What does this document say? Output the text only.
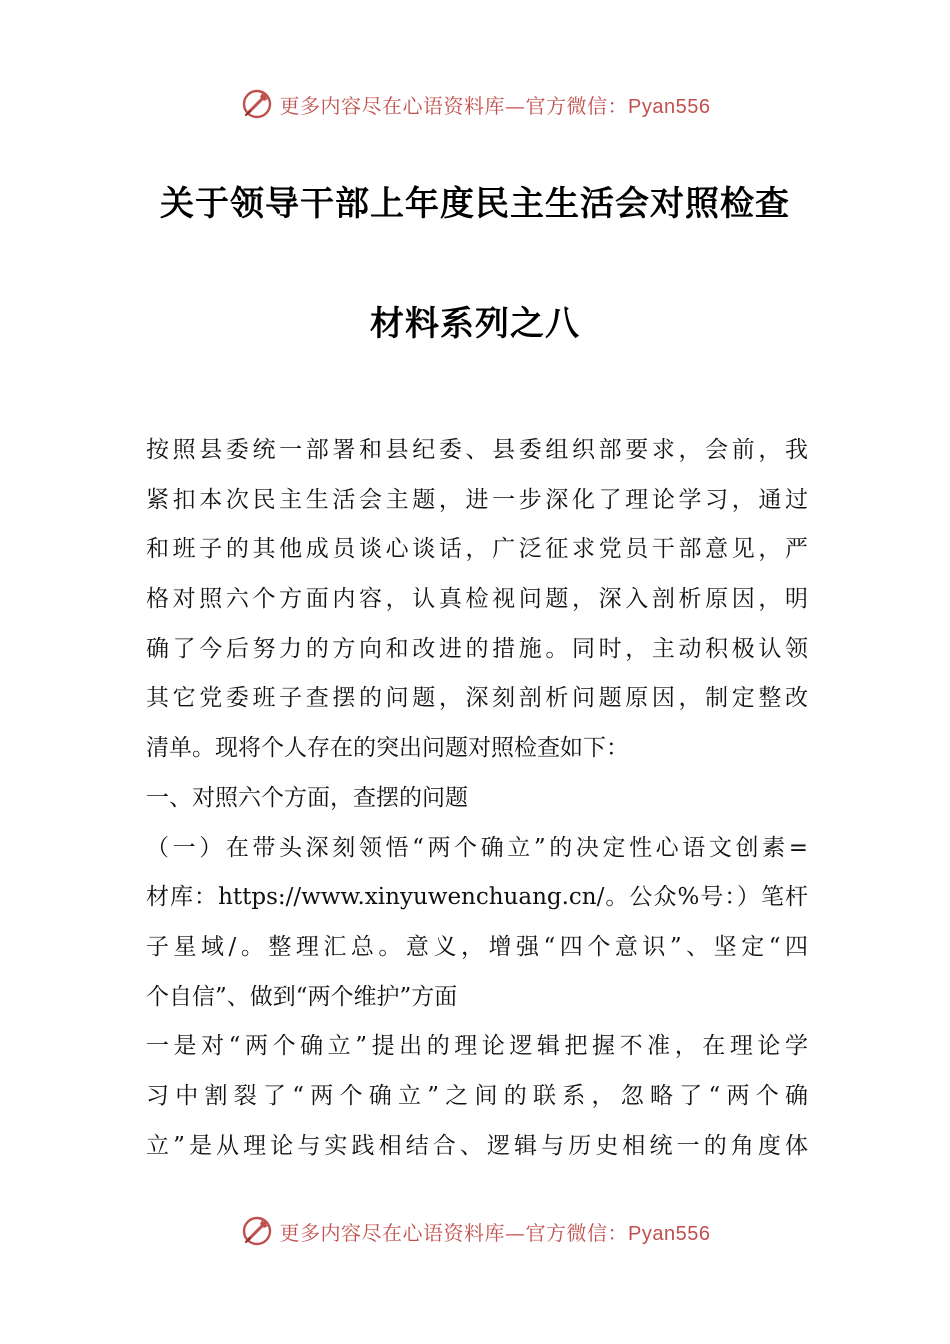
更多内容尽在心语资料库—官方微信：Pyan556
关于领导干部上年度民主生活会对照检查
材料系列之八
按照县委统一部署和县纪委、县委组织部要求，会前，我
紧扣本次民主生活会主题，进一步深化了理论学习，通过
和班子的其他成员谈心谈话，广泛征求党员干部意见，严
格对照六个方面内容，认真检视问题，深入剖析原因，明
确了今后努力的方向和改进的措施。同时，主动积极认领
其它党委班子查摆的问题，深刻剖析问题原因，制定整改
清单。现将个人存在的突出问题对照检查如下：
一、对照六个方面，查摆的问题
（一）在带头深刻领悟“两个确立”的决定性心语文创素=
材库：https://www.xinyuwenchuang.cn/。公众%号：）笔杆
子星域/。整理汇总。意义，增强“四个意识”、坚定“四
个自信”、做到“两个维护”方面
一是对“两个确立”提出的理论逻辑把握不准，在理论学
习中割裂了“两个确立”之间的联系，忽略了“两个确
立”是从理论与实践相结合、逻辑与历史相统一的角度体
更多内容尽在心语资料库—官方微信：Pyan556
